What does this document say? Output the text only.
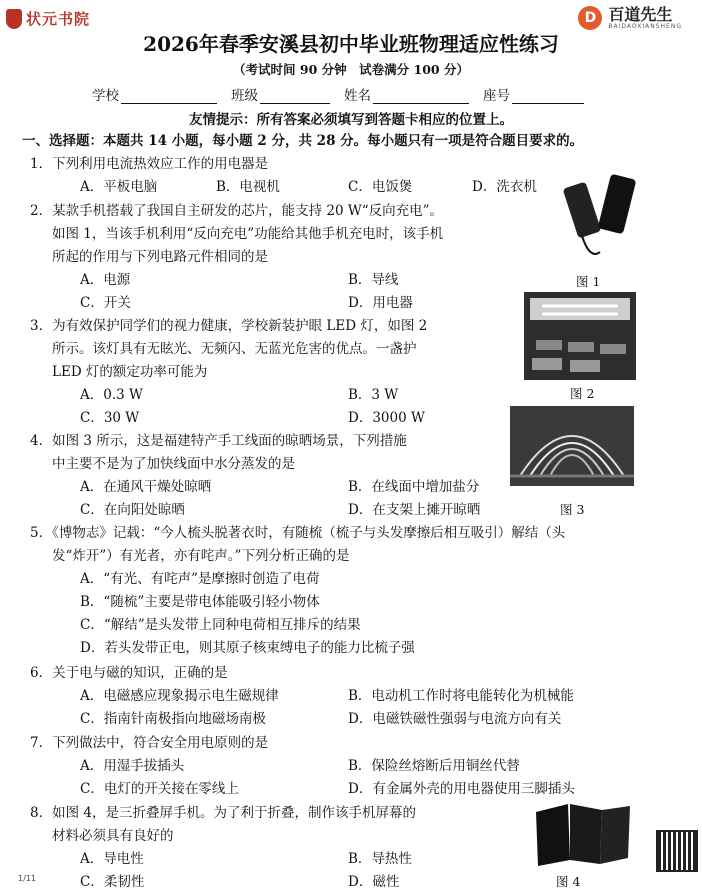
状元书院	D 百道先生
BAIDAOXIANSHENG
2026年春季安溪县初中毕业班物理适应性练习
（考试时间 90 分钟　试卷满分 100 分）
学校	班级	姓名	座号
友情提示：所有答案必须填写到答题卡相应的位置上。
一、选择题：本题共 14 小题，每小题 2 分，共 28 分。每小题只有一项是符合题目要求的。
1．下列利用电流热效应工作的用电器是
A．平板电脑	B．电视机	C．电饭煲	D．洗衣机
2．某款手机搭载了我国自主研发的芯片，能支持 20 W“反向充电”。
如图 1，当该手机利用“反向充电”功能给其他手机充电时，该手机
所起的作用与下列电路元件相同的是
A．电源	B．导线
C．开关	D．用电器
图 1
3．为有效保护同学们的视力健康，学校新装护眼 LED 灯，如图 2
所示。该灯具有无眩光、无频闪、无蓝光危害的优点。一盏护
LED 灯的额定功率可能为
A．0.3 W	B．3 W
C．30 W	D．3000 W
图 2
4．如图 3 所示，这是福建特产手工线面的晾晒场景，下列措施
中主要不是为了加快线面中水分蒸发的是
A．在通风干燥处晾晒	B．在线面中增加盐分
C．在向阳处晾晒	D．在支架上摊开晾晒	图 3
5．《博物志》记载：“今人梳头脱著衣时，有随梳（梳子与头发摩擦后相互吸引）解结（头
发“炸开”）有光者，亦有咤声。”下列分析正确的是
A．“有光、有咤声”是摩擦时创造了电荷
B．“随梳”主要是带电体能吸引轻小物体
C．“解结”是头发带上同种电荷相互排斥的结果
D．若头发带正电，则其原子核束缚电子的能力比梳子强
6．关于电与磁的知识，正确的是
A．电磁感应现象揭示电生磁规律	B．电动机工作时将电能转化为机械能
C．指南针南极指向地磁场南极	D．电磁铁磁性强弱与电流方向有关
7．下列做法中，符合安全用电原则的是
A．用湿手拔插头	B．保险丝熔断后用铜丝代替
C．电灯的开关接在零线上	D．有金属外壳的用电器使用三脚插头
8．如图 4，是三折叠屏手机。为了利于折叠，制作该手机屏幕的
材料必须具有良好的
A．导电性	B．导热性
C．柔韧性	D．磁性	图 4
1/11
